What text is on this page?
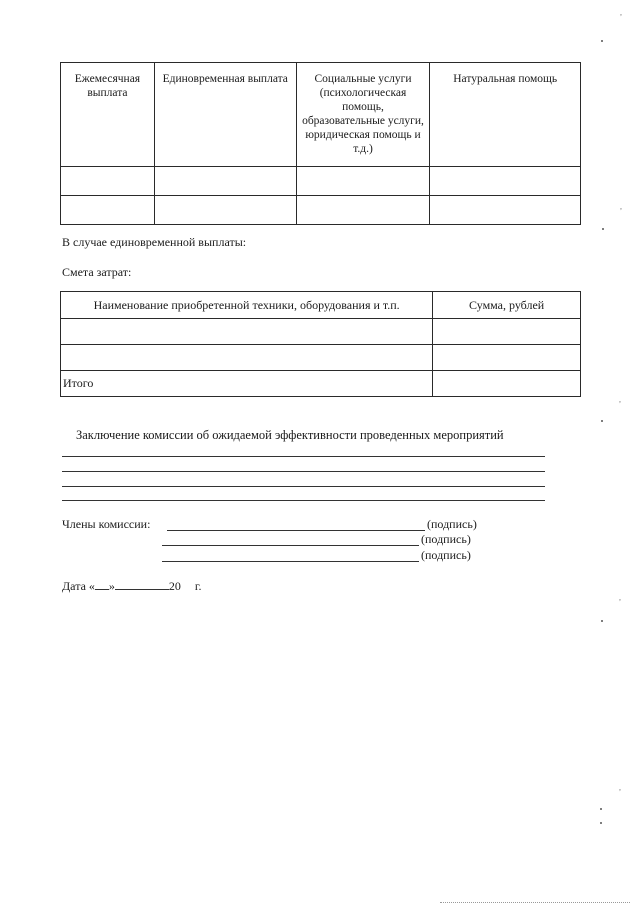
Ежемесячная выплата	Единовременная выплата	Социальные услуги (психологическая помощь, образовательные услуги, юридическая помощь и т.д.)	Натуральная помощь

В случае единовременной выплаты:
Смета затрат:
Наименование приобретенной техники, оборудования и т.п.	Сумма, рублей

Итого	
Заключение комиссии об ожидаемой эффективности проведенных мероприятий
Члены комиссии:	(подпись)
(подпись)
(подпись)
Дата « »	20 г.
,
,
,
,
,
